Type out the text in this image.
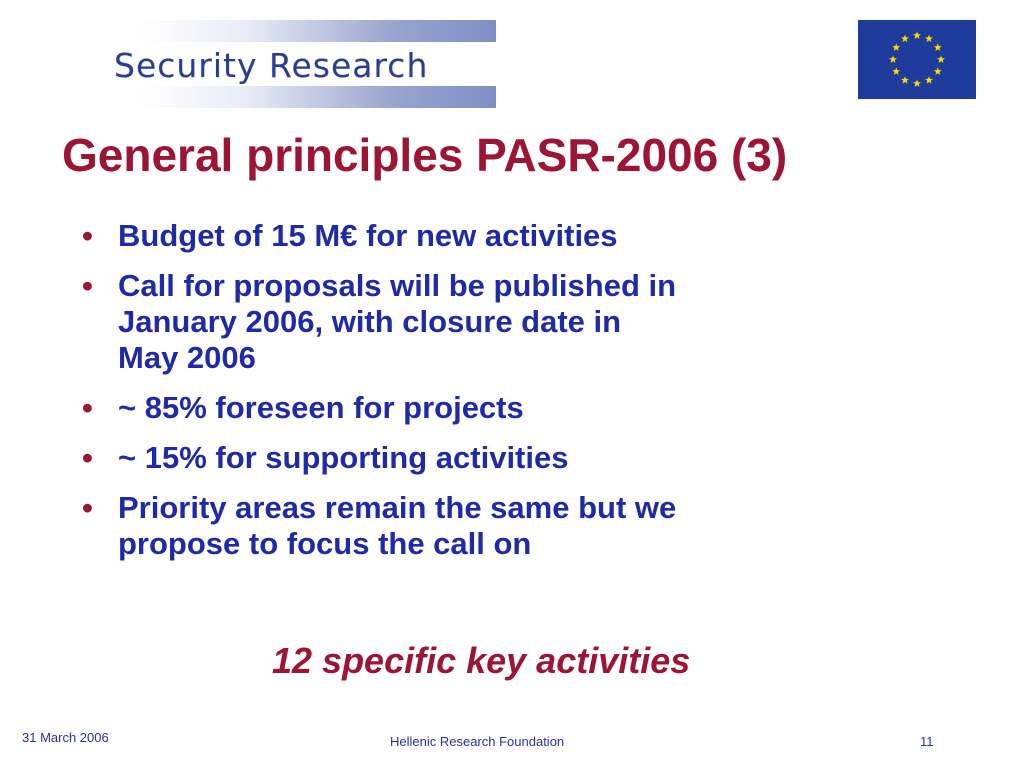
Security Research
General principles PASR-2006 (3)
• Budget of 15 M€ for new activities
• Call for proposals will be published in
January 2006, with closure date in
May 2006
• ~ 85% foreseen for projects
• ~ 15% for supporting activities
• Priority areas remain the same but we
propose to focus the call on
12 specific key activities
31 March 2006	Hellenic Research Foundation	11
